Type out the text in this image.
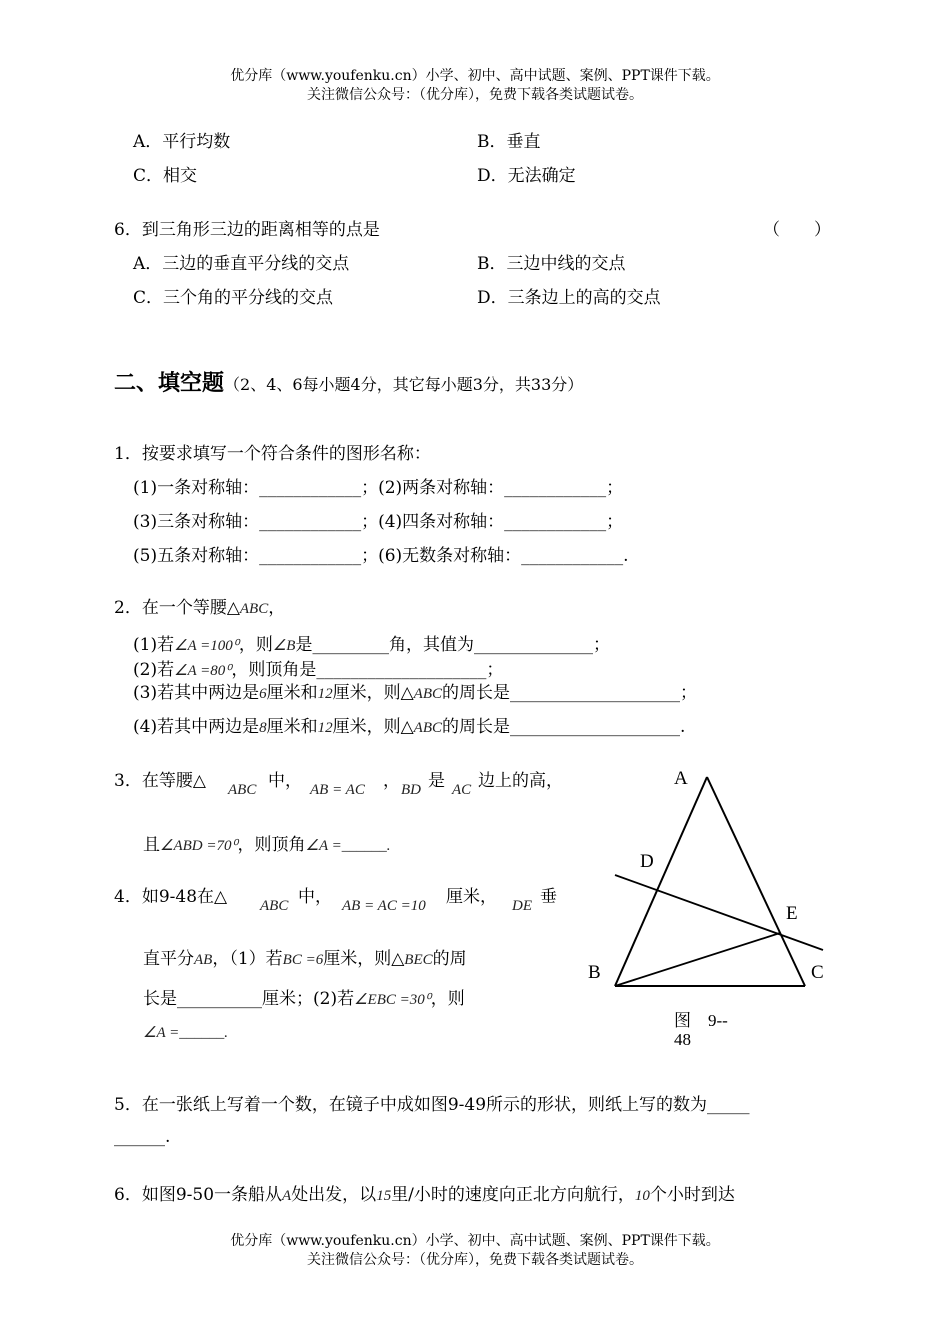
优分库（www.youfenku.cn）小学、初中、高中试题、案例、PPT课件下载。
关注微信公众号：（优分库），免费下载各类试题试卷。
A．平行均数	B．垂直
C．相交	D．无法确定
6．到三角形三边的距离相等的点是	（　　）
A．三边的垂直平分线的交点	B．三边中线的交点
C．三个角的平分线的交点	D．三条边上的高的交点
二、填空题（2、4、6每小题4分，其它每小题3分，共33分）
1．按要求填写一个符合条件的图形名称：
(1)一条对称轴：____________；(2)两条对称轴：____________；
(3)三条对称轴：____________；(4)四条对称轴：____________；
(5)五条对称轴：____________；(6)无数条对称轴：____________.
2．在一个等腰△ABC，
(1)若∠A =100⁰，则∠B是_________角，其值为______________；
(2)若∠A =80⁰，则顶角是____________________；
(3)若其中两边是6厘米和12厘米，则△ABC的周长是____________________；
(4)若其中两边是8厘米和12厘米，则△ABC的周长是____________________.
3．在等腰△ ABC 中， AB = AC ， BD 是 AC 边上的高，
且∠ABD =70⁰，则顶角∠A =______.
4．如9-48在△ ABC 中， AB = AC =10 厘米， DE 垂
直平分AB，（1）若BC =6厘米，则△BEC的周
长是__________厘米；(2)若∠EBC =30⁰，则
∠A =______.
A
D
E
B	C
图　9--
48
5．在一张纸上写着一个数，在镜子中成如图9-49所示的形状，则纸上写的数为_____
______.
6．如图9-50一条船从A处出发，以15里/小时的速度向正北方向航行，10个小时到达
优分库（www.youfenku.cn）小学、初中、高中试题、案例、PPT课件下载。
关注微信公众号：（优分库），免费下载各类试题试卷。
